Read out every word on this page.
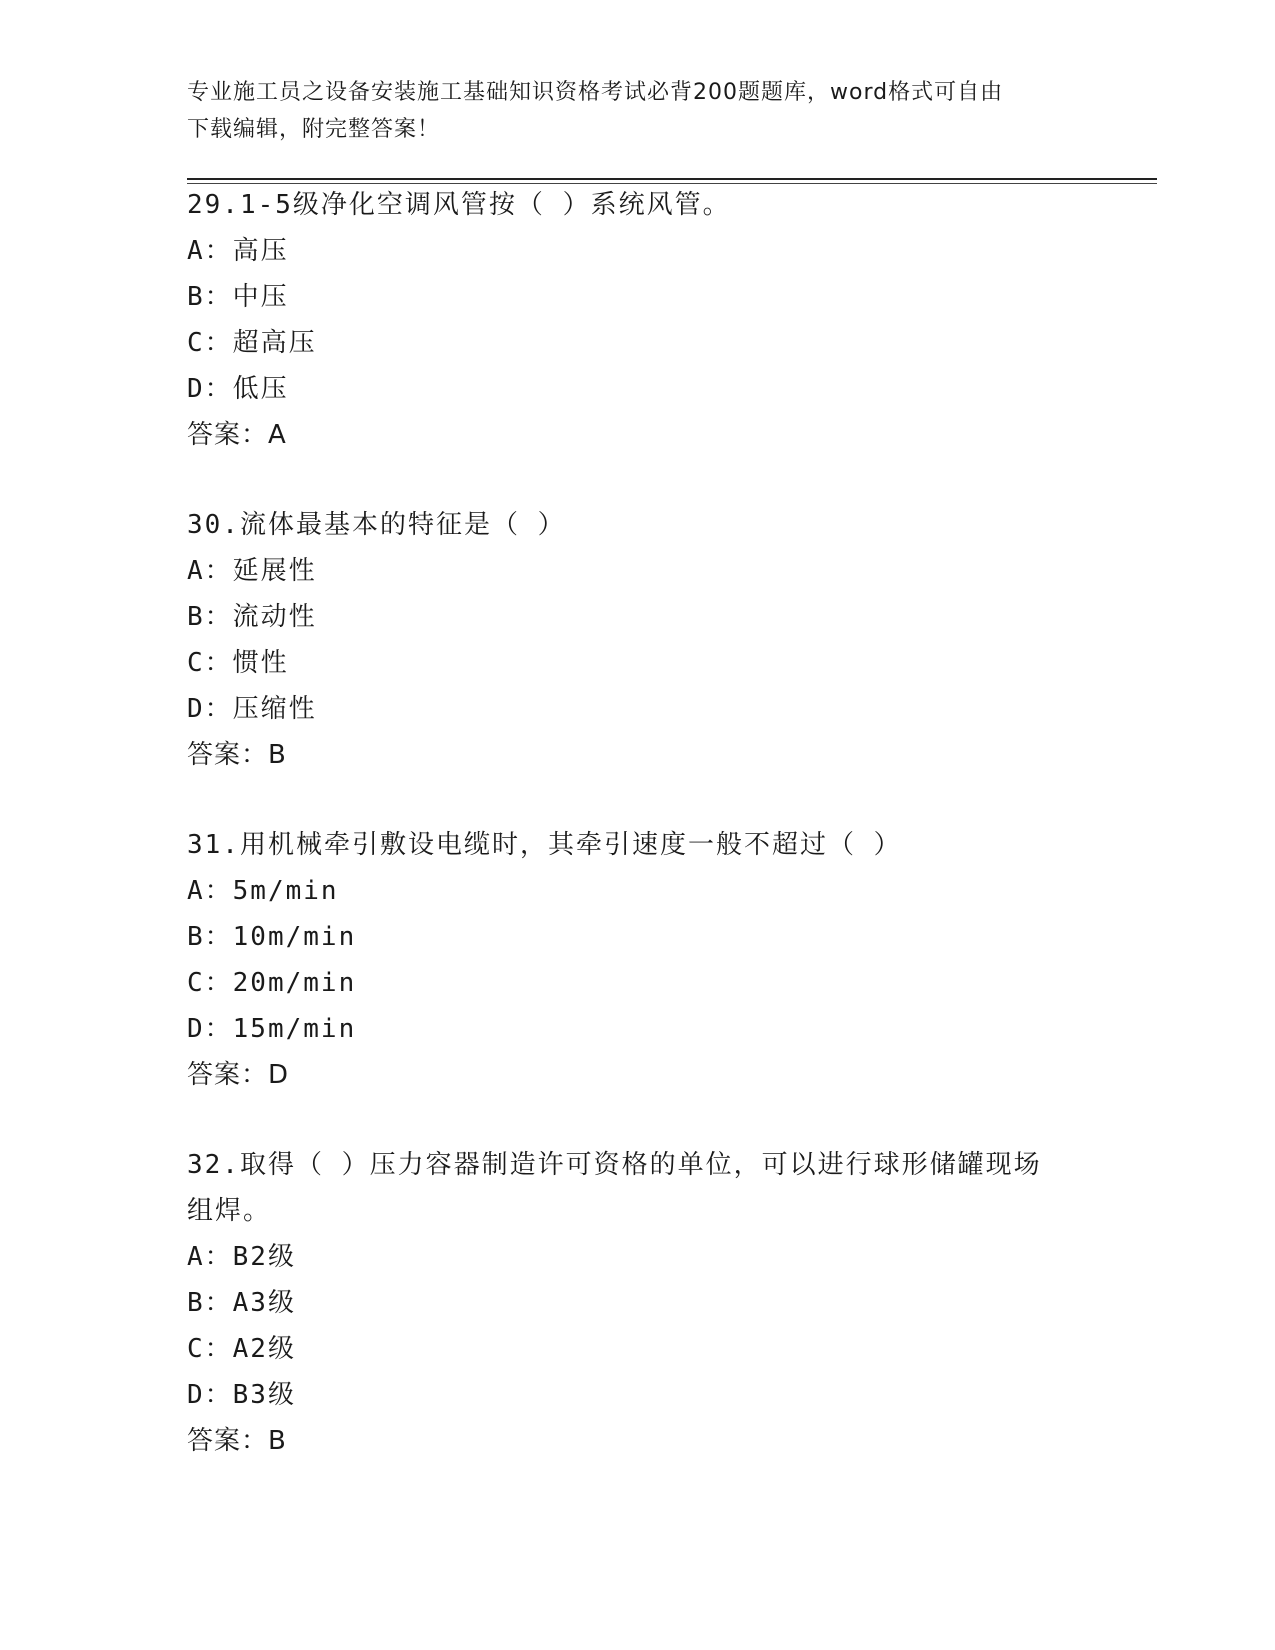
专业施工员之设备安装施工基础知识资格考试必背200题题库，word格式可自由
下载编辑，附完整答案！
29.1-5级净化空调风管按（ ）系统风管。
A：高压
B：中压
C：超高压
D：低压
答案：A
30.流体最基本的特征是（ ）
A：延展性
B：流动性
C：惯性
D：压缩性
答案：B
31.用机械牵引敷设电缆时，其牵引速度一般不超过（ ）
A：5m/min
B：10m/min
C：20m/min
D：15m/min
答案：D
32.取得（ ）压力容器制造许可资格的单位，可以进行球形储罐现场
组焊。
A：B2级
B：A3级
C：A2级
D：B3级
答案：B
